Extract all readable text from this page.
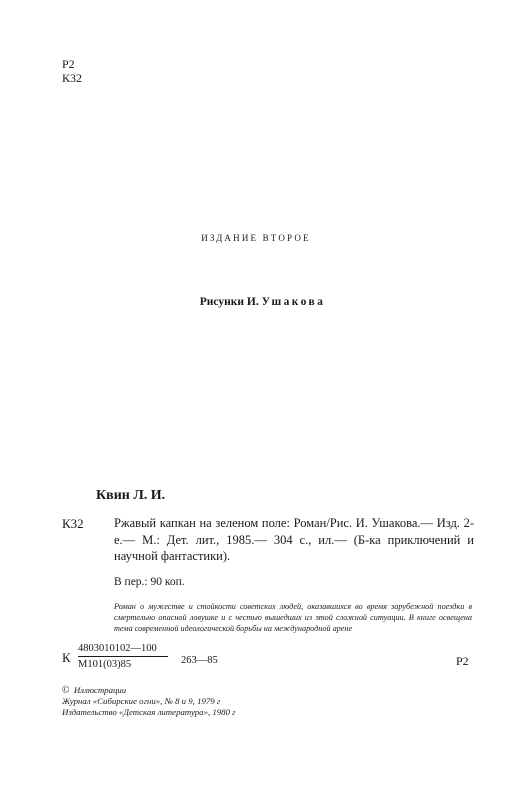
Р2
К32
ИЗДАНИЕ ВТОРОЕ
Рисунки И. Ушакова
Квин Л. И.
К32 Ржавый капкан на зеленом поле: Роман/Рис. И. Ушакова.— Изд. 2-е.— М.: Дет. лит., 1985.— 304 с., ил.— (Б-ка приключений и научной фантастики).
В пер.: 90 коп.
Роман о мужестве и стойкости советских людей, оказавшихся во время зарубежной поездки в смертельно опасной ловушке и с честью вышедших из этой сложной ситуации. В книге освещена тема современной идеологической борьбы на международной арене
К
4803010102—100
М101(03)85	263—85	Р2
© Иллюстрации
Журнал «Сибирские огни», № 8 и 9, 1979 г
Издательство «Детская литература», 1980 г
